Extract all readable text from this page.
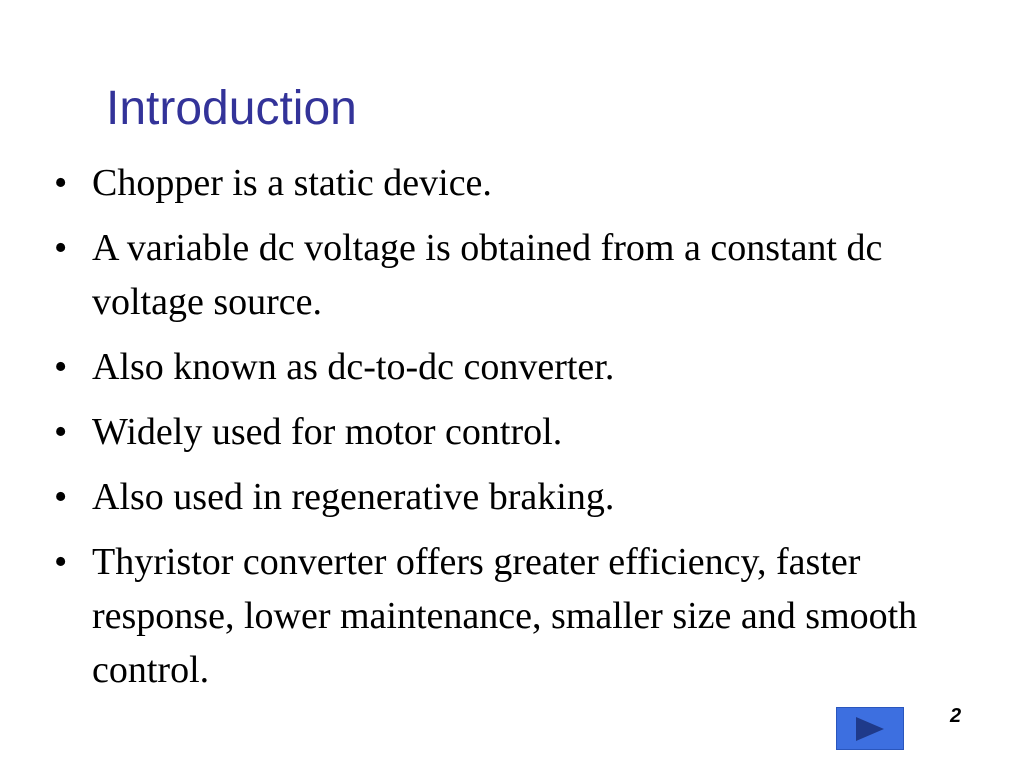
Introduction
• Chopper is a static device.
• A variable dc voltage is obtained from a constant dc voltage source.
• Also known as dc-to-dc converter.
• Widely used for motor control.
• Also used in regenerative braking.
• Thyristor converter offers greater efficiency, faster response, lower maintenance, smaller size and smooth control.
2
